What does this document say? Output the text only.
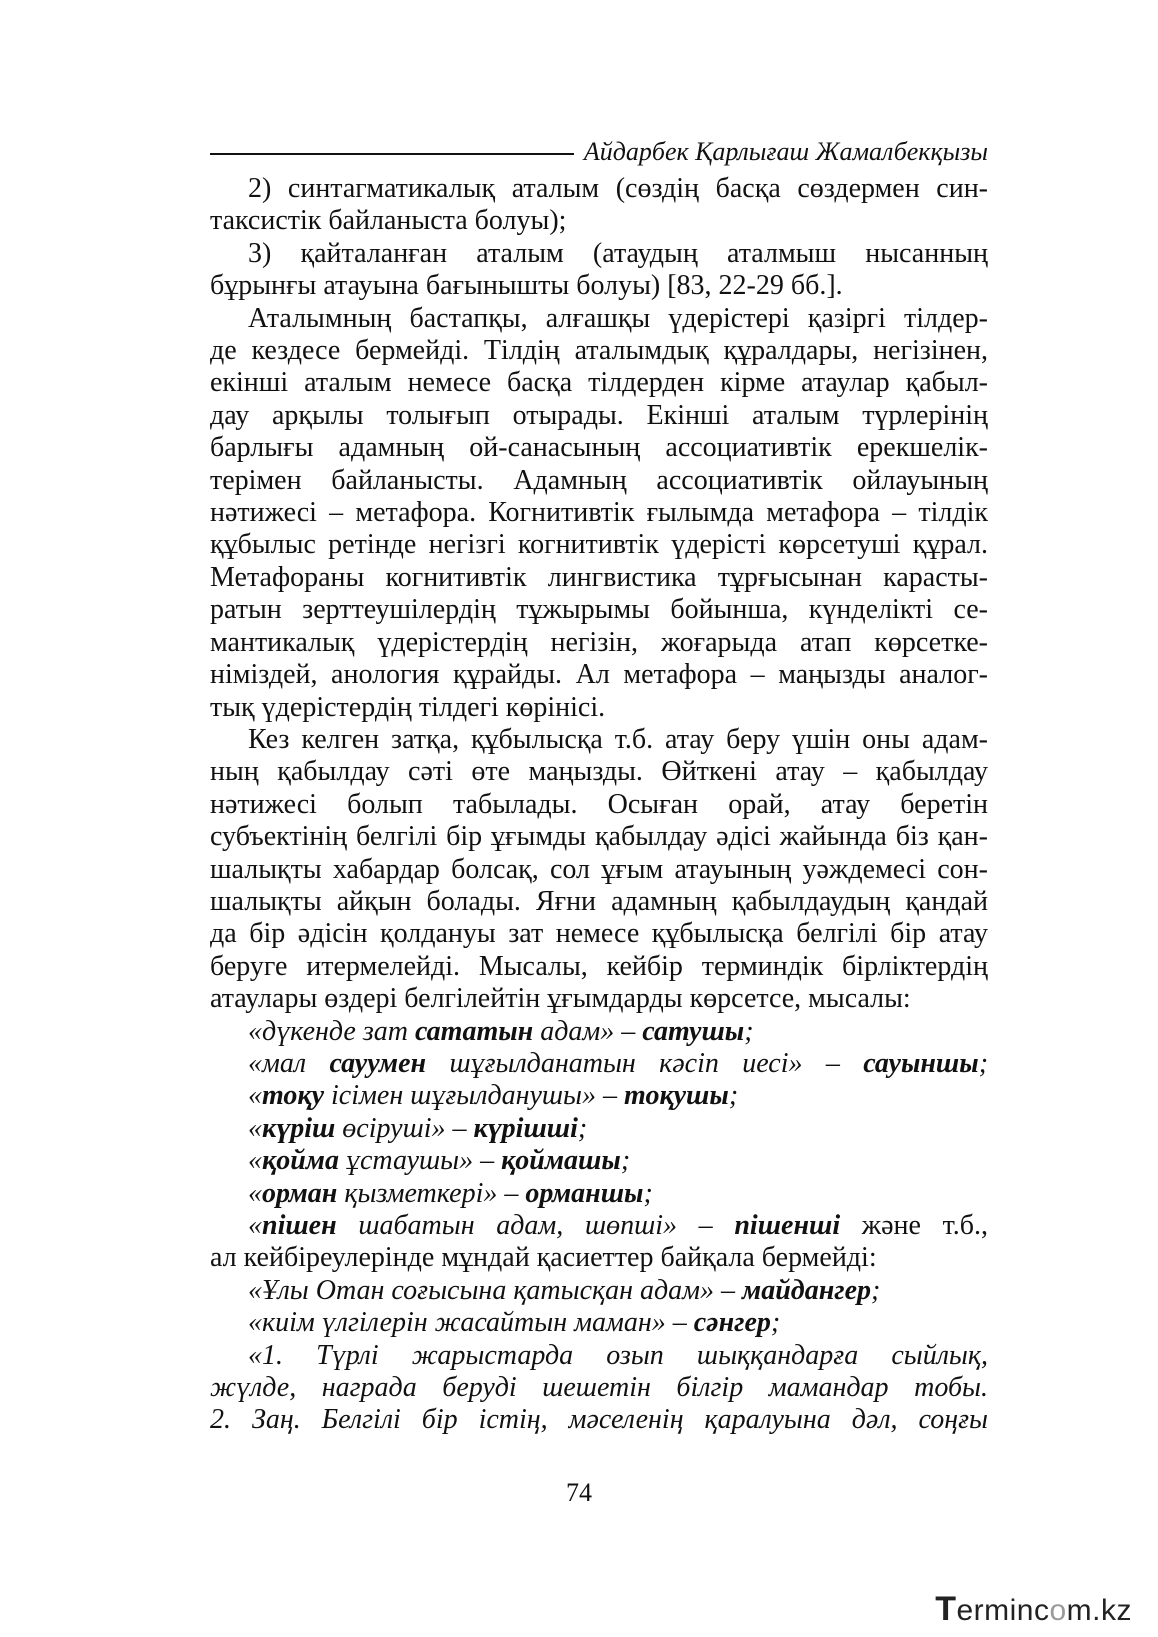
Айдарбек Қарлығаш Жамалбекқызы

2) синтагматикалық аталым (сөздің басқа сөздермен син-

таксистік байланыста болуы);

3) қайталанған аталым (атаудың аталмыш нысанның

бұрынғы атауына бағынышты болуы) [83, 22-29 бб.].

Аталымның бастапқы, алғашқы үдерістері қазіргі тілдер-

де кездесе бермейді. Тілдің аталымдық құралдары, негізінен,

екінші аталым немесе басқа тілдерден кірме атаулар қабыл-

дау арқылы толығып отырады. Екінші аталым түрлерінің

барлығы адамның ой-санасының ассоциативтік ерекшелік-

терімен байланысты. Адамның ассоциативтік ойлауының

нәтижесі – метафора. Когнитивтік ғылымда метафора – тілдік

құбылыс ретінде негізгі когнитивтік үдерісті көрсетуші құрал.

Метафораны когнитивтік лингвистика тұрғысынан карасты-

ратын зерттеушілердің тұжырымы бойынша, күнделікті се-

мантикалық үдерістердің негізін, жоғарыда атап көрсетке-

німіздей, анология құрайды. Ал метафора – маңызды аналог-

тық үдерістердің тілдегі көрінісі.

Кез келген затқа, құбылысқа т.б. атау беру үшін оны адам-

ның қабылдау сәті өте маңызды. Өйткені атау – қабылдау

нәтижесі болып табылады. Осыған орай, атау беретін

субъектінің белгілі бір ұғымды қабылдау әдісі жайында біз қан-

шалықты хабардар болсақ, сол ұғым атауының уәждемесі сон-

шалықты айқын болады. Яғни адамның қабылдаудың қандай

да бір әдісін қолдануы зат немесе құбылысқа белгілі бір атау

беруге итермелейді. Мысалы, кейбір терминдік бірліктердің

атаулары өздері белгілейтін ұғымдарды көрсетсе, мысалы:

«дүкенде зат сататын адам» – сатушы;

«мал сауумен шұғылданатын кәсіп иесі» – сауыншы;

«тоқу ісімен шұғылданушы» – тоқушы;

«күріш өсіруші» – күрішші;

«қойма ұстаушы» – қоймашы;

«орман қызметкері» – орманшы;

«пішен шабатын адам, шөпші» – пішенші және т.б.,

ал кейбіреулерінде мұндай қасиеттер байқала бермейді:

«Ұлы Отан соғысына қатысқан адам» – майдангер;

«киім үлгілерін жасайтын маман» – сәнгер;

«1. Түрлі жарыстарда озып шыққандарға сыйлық,

жүлде, награда беруді шешетін білгір мамандар тобы.

2. Заң. Белгілі бір істің, мәселенің қаралуына дәл, соңғы

74
Termincom.kz
